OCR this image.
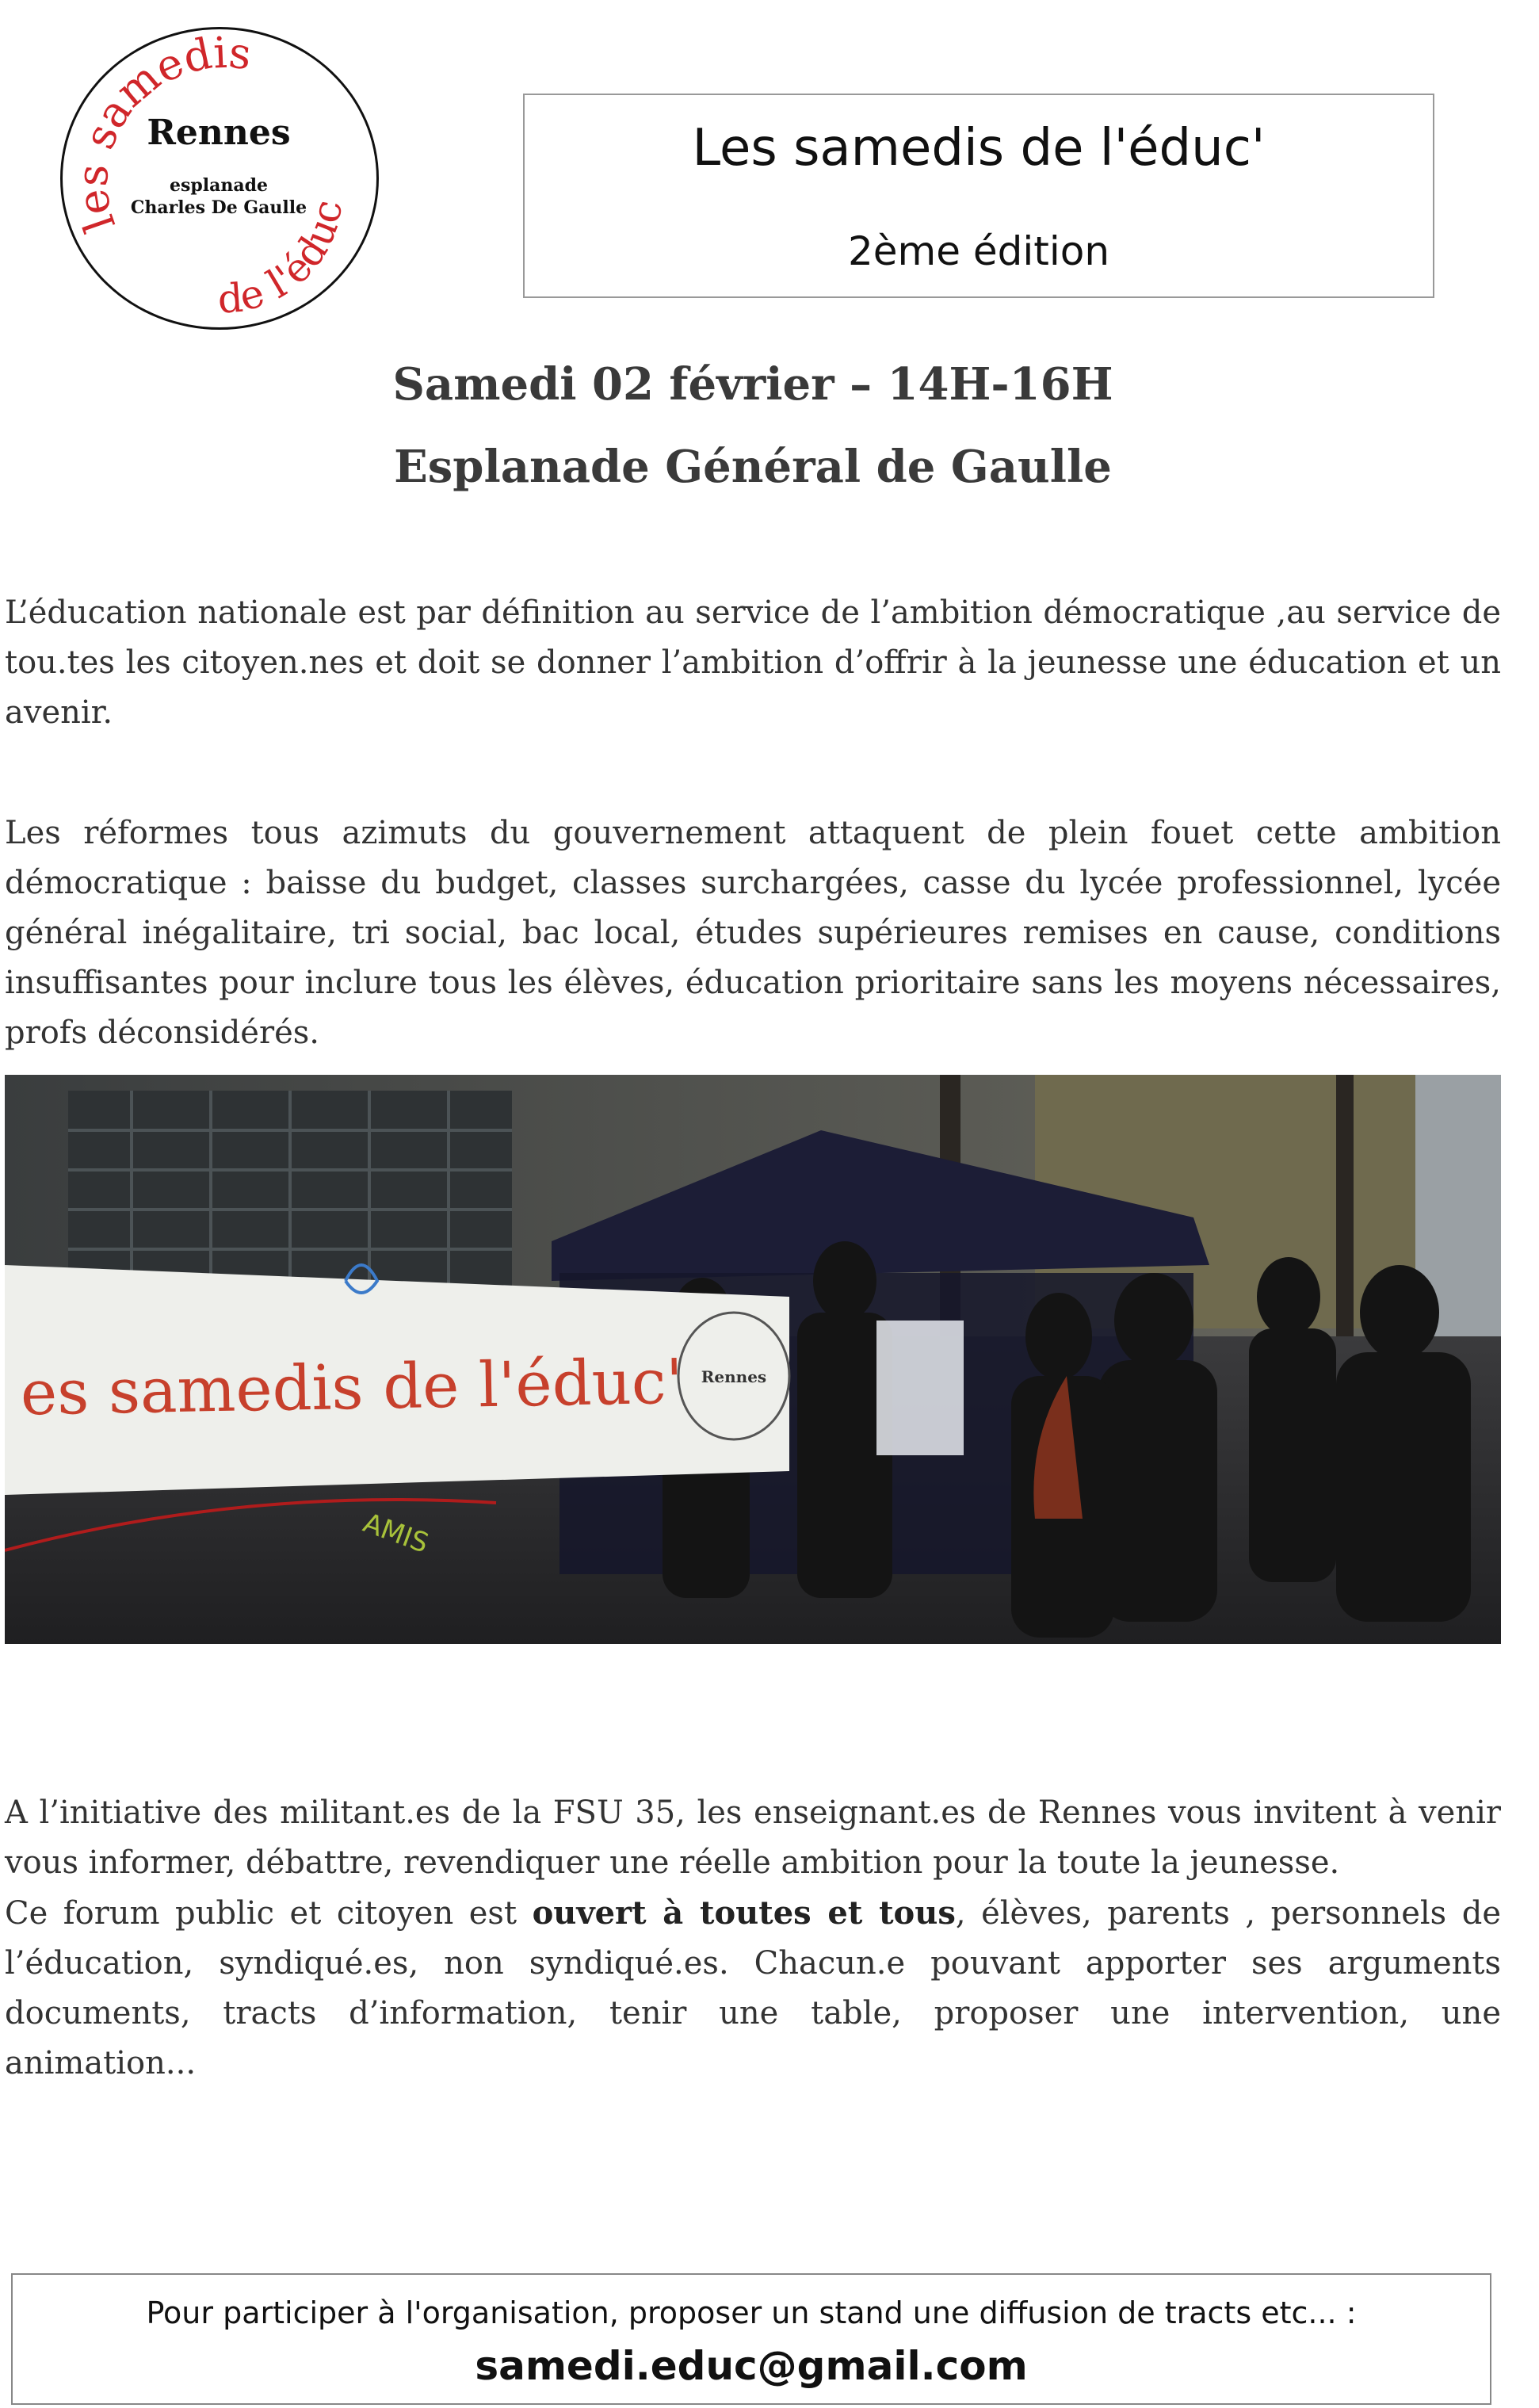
les samedis
de l'éduc
Rennes
esplanade
Charles De Gaulle
Les samedis de l'éduc'
2ème édition
Samedi 02 février – 14H-16H
Esplanade Général de Gaulle

L’éducation nationale est par définition au service de l’ambition démocratique ,au service de tou.tes les citoyen.nes et doit se donner l’ambition d’offrir à la jeunesse une éducation et un avenir.

Les réformes tous azimuts du gouvernement attaquent de plein fouet cette ambition démocratique : baisse du budget, classes surchargées, casse du lycée professionnel, lycée général inégalitaire, tri social, bac local, études supérieures remises en cause, conditions insuffisantes pour inclure tous les élèves, éducation prioritaire sans les moyens nécessaires, profs déconsidérés.

es samedis de l'éduc' Rennes
AMIS

A l’initiative des militant.es de la FSU 35, les enseignant.es de Rennes vous invitent à venir vous informer, débattre, revendiquer une réelle ambition pour la toute la jeunesse.

Ce forum public et citoyen est ouvert à toutes et tous, élèves, parents , personnels de l’éducation, syndiqué.es, non syndiqué.es. Chacun.e pouvant apporter ses arguments documents, tracts d’information, tenir une table, proposer une intervention, une animation...

Pour participer à l'organisation, proposer un stand une diffusion de tracts etc... :
samedi.educ@gmail.com
